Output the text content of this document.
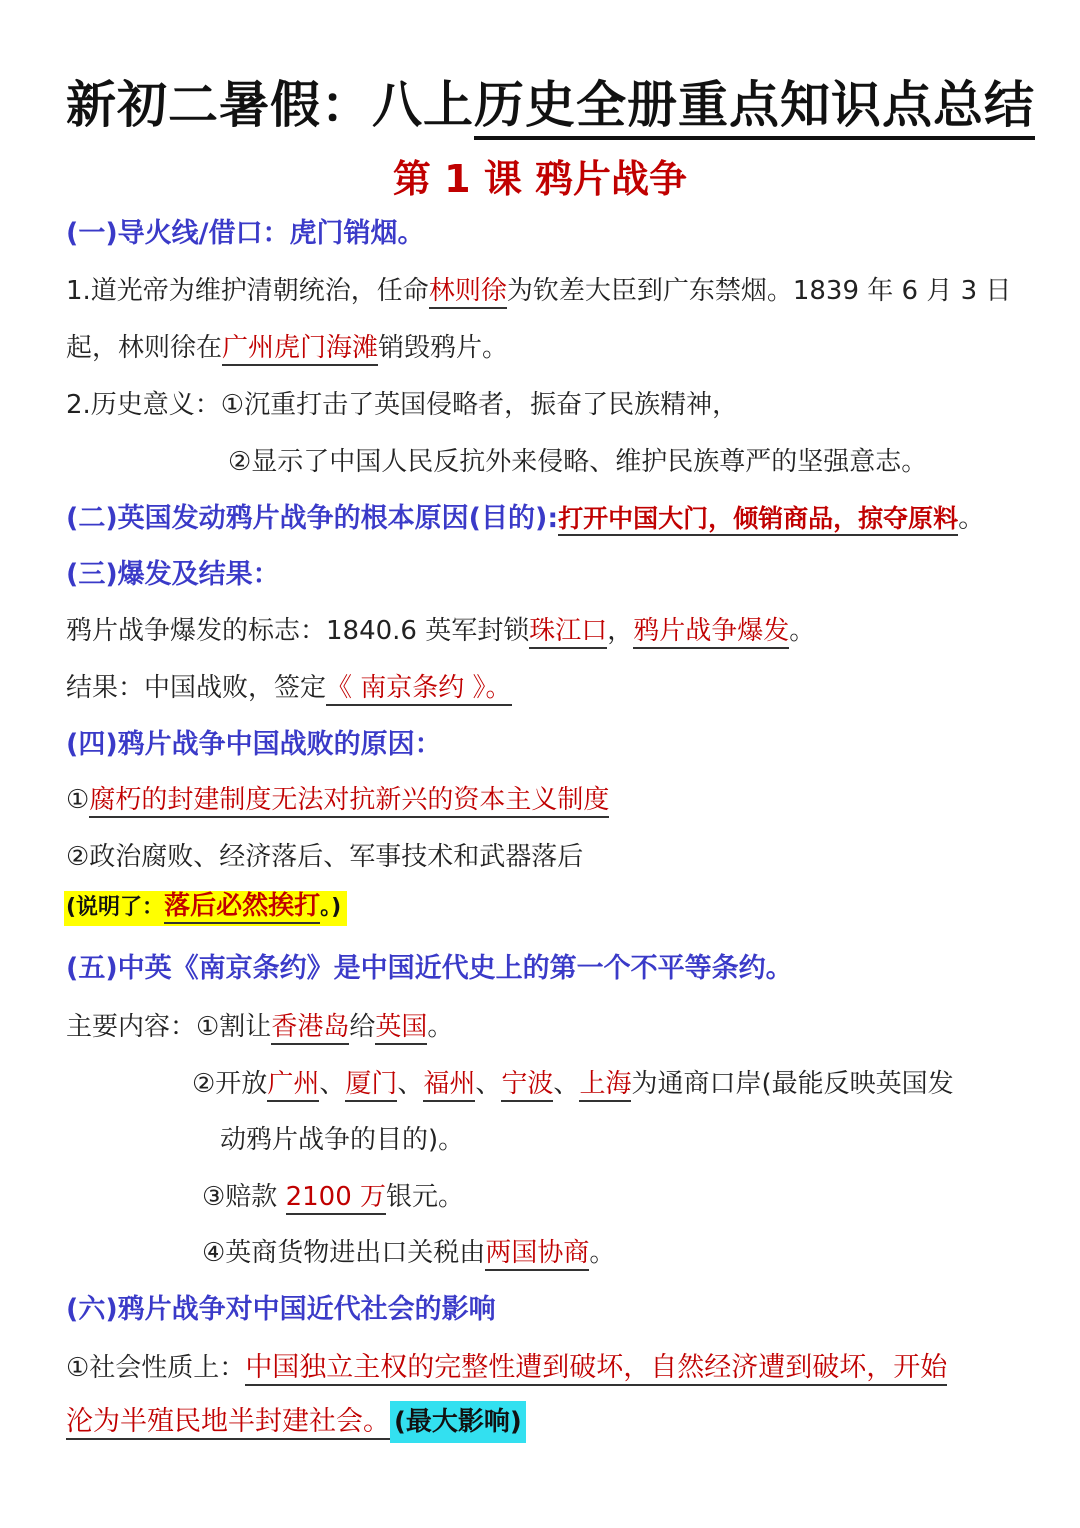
新初二暑假：八上历史全册重点知识点总结
第 1 课 鸦片战争
(一)导火线/借口：虎门销烟。
1.道光帝为维护清朝统治，任命林则徐为钦差大臣到广东禁烟。1839 年 6 月 3 日
起，林则徐在广州虎门海滩销毁鸦片。
2.历史意义：①沉重打击了英国侵略者，振奋了民族精神，
②显示了中国人民反抗外来侵略、维护民族尊严的坚强意志。
(二)英国发动鸦片战争的根本原因(目的):打开中国大门，倾销商品，掠夺原料。
(三)爆发及结果：
鸦片战争爆发的标志：1840.6 英军封锁珠江口，鸦片战争爆发。
结果：中国战败，签定《 南京条约 》。
(四)鸦片战争中国战败的原因：
①腐朽的封建制度无法对抗新兴的资本主义制度
②政治腐败、经济落后、军事技术和武器落后
(说明了：落后必然挨打。)
(五)中英《南京条约》是中国近代史上的第一个不平等条约。
主要内容：①割让香港岛给英国。
②开放广州、厦门、福州、宁波、上海为通商口岸(最能反映英国发
动鸦片战争的目的)。
③赔款 2100 万银元。
④英商货物进出口关税由两国协商。
(六)鸦片战争对中国近代社会的影响
①社会性质上：中国独立主权的完整性遭到破坏，自然经济遭到破坏，开始
沦为半殖民地半封建社会。 (最大影响)
